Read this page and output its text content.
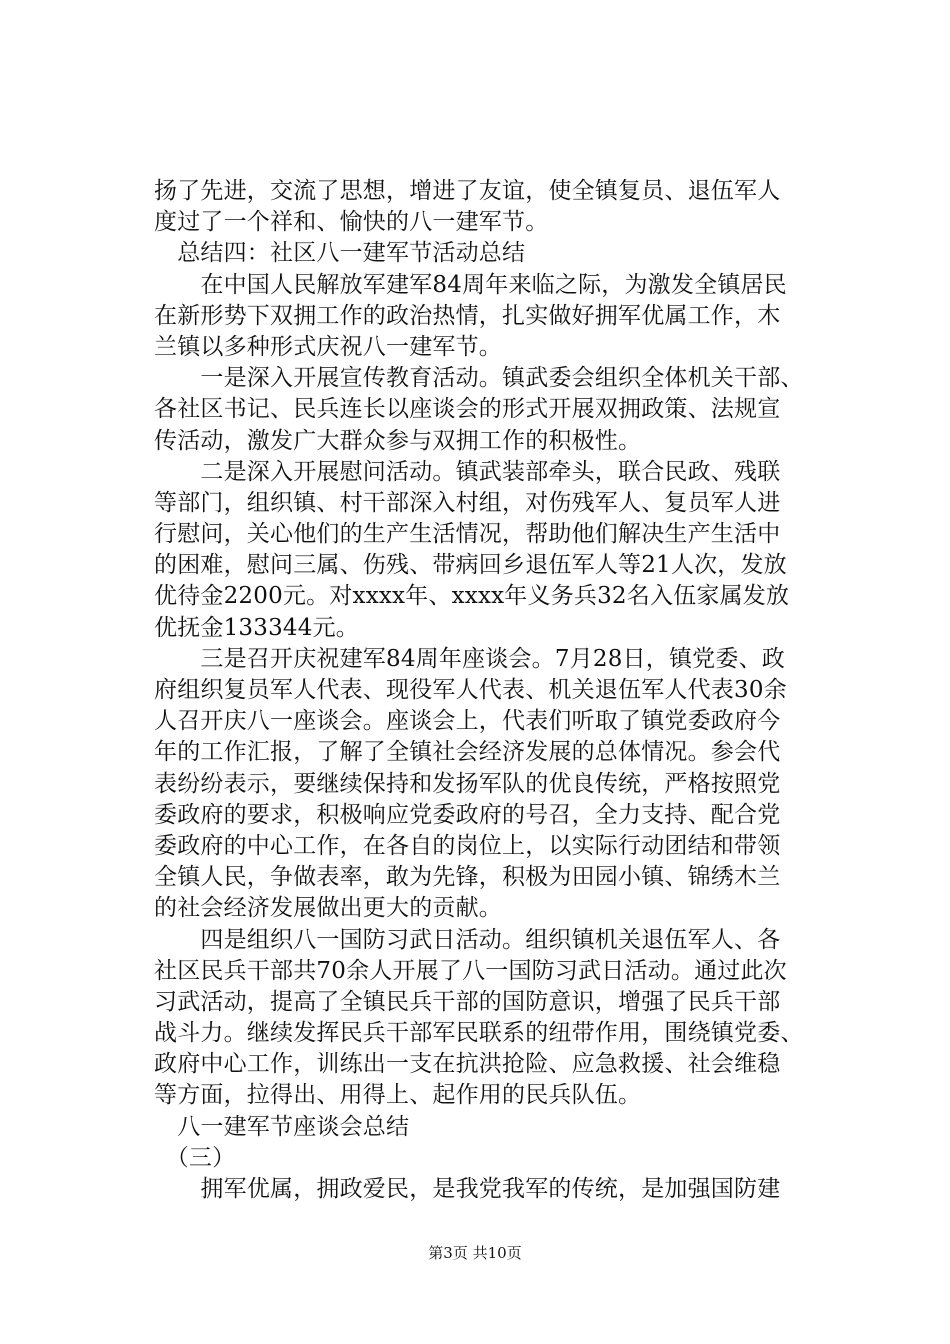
扬了先进，交流了思想，增进了友谊，使全镇复员、退伍军人
度过了一个祥和、愉快的八一建军节。
　总结四：社区八一建军节活动总结
　　在中国人民解放军建军84周年来临之际，为激发全镇居民
在新形势下双拥工作的政治热情，扎实做好拥军优属工作，木
兰镇以多种形式庆祝八一建军节。
　　一是深入开展宣传教育活动。镇武委会组织全体机关干部、
各社区书记、民兵连长以座谈会的形式开展双拥政策、法规宣
传活动，激发广大群众参与双拥工作的积极性。
　　二是深入开展慰问活动。镇武装部牵头，联合民政、残联
等部门，组织镇、村干部深入村组，对伤残军人、复员军人进
行慰问，关心他们的生产生活情况，帮助他们解决生产生活中
的困难，慰问三属、伤残、带病回乡退伍军人等21人次，发放
优待金2200元。对xxxx年、xxxx年义务兵32名入伍家属发放
优抚金133344元。
　　三是召开庆祝建军84周年座谈会。7月28日，镇党委、政
府组织复员军人代表、现役军人代表、机关退伍军人代表30余
人召开庆八一座谈会。座谈会上，代表们听取了镇党委政府今
年的工作汇报，了解了全镇社会经济发展的总体情况。参会代
表纷纷表示，要继续保持和发扬军队的优良传统，严格按照党
委政府的要求，积极响应党委政府的号召，全力支持、配合党
委政府的中心工作，在各自的岗位上，以实际行动团结和带领
全镇人民，争做表率，敢为先锋，积极为田园小镇、锦绣木兰
的社会经济发展做出更大的贡献。
　　四是组织八一国防习武日活动。组织镇机关退伍军人、各
社区民兵干部共70余人开展了八一国防习武日活动。通过此次
习武活动，提高了全镇民兵干部的国防意识，增强了民兵干部
战斗力。继续发挥民兵干部军民联系的纽带作用，围绕镇党委、
政府中心工作，训练出一支在抗洪抢险、应急救援、社会维稳
等方面，拉得出、用得上、起作用的民兵队伍。
　八一建军节座谈会总结
　（三）
　　拥军优属，拥政爱民，是我党我军的传统，是加强国防建
第3页 共10页
